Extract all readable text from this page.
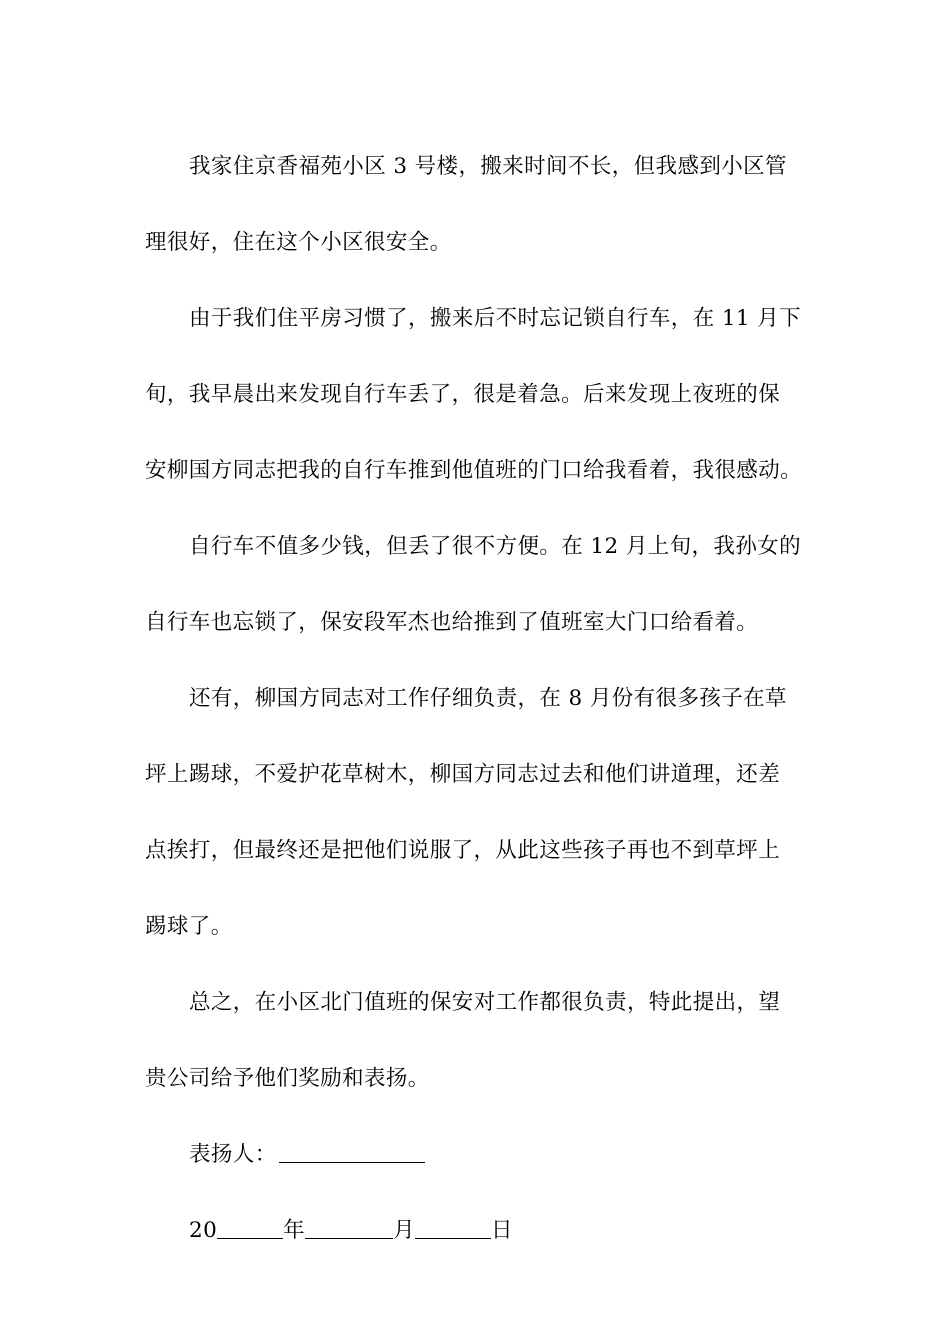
我家住京香福苑小区 3 号楼，搬来时间不长，但我感到小区管
理很好，住在这个小区很安全。

由于我们住平房习惯了，搬来后不时忘记锁自行车，在 11 月下
旬，我早晨出来发现自行车丢了，很是着急。后来发现上夜班的保
安柳国方同志把我的自行车推到他值班的门口给我看着，我很感动。

自行车不值多少钱，但丢了很不方便。在 12 月上旬，我孙女的
自行车也忘锁了，保安段军杰也给推到了值班室大门口给看着。

还有，柳国方同志对工作仔细负责，在 8 月份有很多孩子在草
坪上踢球，不爱护花草树木，柳国方同志过去和他们讲道理，还差
点挨打，但最终还是把他们说服了，从此这些孩子再也不到草坪上
踢球了。

总之，在小区北门值班的保安对工作都很负责，特此提出，望
贵公司给予他们奖励和表扬。

表扬人：

20	年	月	日
